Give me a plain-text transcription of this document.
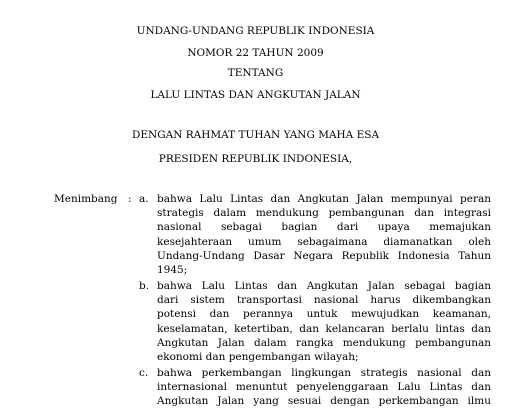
UNDANG-UNDANG REPUBLIK INDONESIA
NOMOR 22 TAHUN 2009
TENTANG
LALU LINTAS DAN ANGKUTAN JALAN
DENGAN RAHMAT TUHAN YANG MAHA ESA
PRESIDEN REPUBLIK INDONESIA,
Menimbang : a. bahwa Lalu Lintas dan Angkutan Jalan mempunyai peran
strategis dalam mendukung pembangunan dan integrasi
nasional sebagai bagian dari upaya memajukan
kesejahteraan umum sebagaimana diamanatkan oleh
Undang-Undang Dasar Negara Republik Indonesia Tahun
1945;
b. bahwa Lalu Lintas dan Angkutan Jalan sebagai bagian
dari sistem transportasi nasional harus dikembangkan
potensi dan perannya untuk mewujudkan keamanan,
keselamatan, ketertiban, dan kelancaran berlalu lintas dan
Angkutan Jalan dalam rangka mendukung pembangunan
ekonomi dan pengembangan wilayah;
c. bahwa perkembangan lingkungan strategis nasional dan
internasional menuntut penyelenggaraan Lalu Lintas dan
Angkutan Jalan yang sesuai dengan perkembangan ilmu
